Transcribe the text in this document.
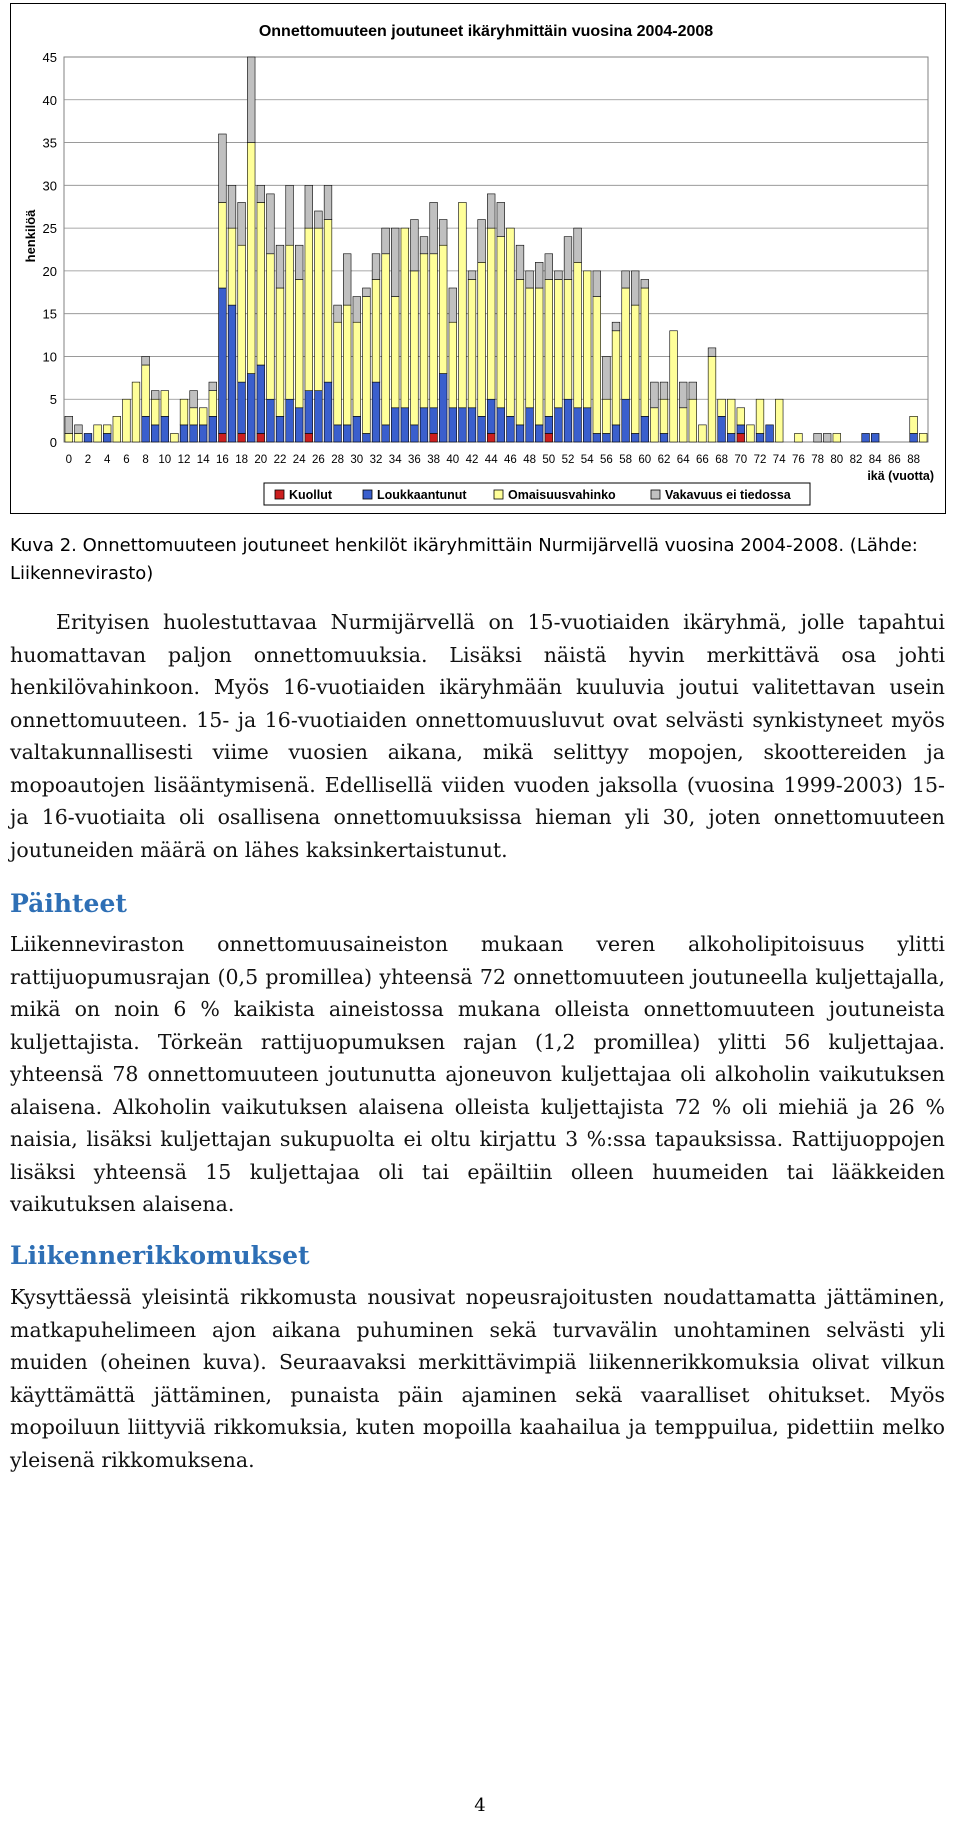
0
5
10
15
20
25
30
35
40
45
0 2 4 6 8 10 12 14 16 18 20 22 24 26 28 30 32 34 36 38 40 42 44 46 48 50 52 54 56 58 60 62 64 66 68 70 72 74 76 78 80 82 84 86 88
ikä (vuotta)
henkilöä
Onnettomuuteen joutuneet ikäryhmittäin vuosina 2004-2008
Kuollut	Loukkaantunut	Omaisuusvahinko	Vakavuus ei tiedossa
Kuva 2. Onnettomuuteen joutuneet henkilöt ikäryhmittäin Nurmijärvellä vuosina 2004-2008. (Lähde: Liikennevirasto)

Erityisen huolestuttavaa Nurmijärvellä on 15-vuotiaiden ikäryhmä, jolle tapahtui huomattavan paljon onnettomuuksia. Lisäksi näistä hyvin merkittävä osa johti henkilövahinkoon. Myös 16-vuotiaiden ikäryhmään kuuluvia joutui valitettavan usein onnettomuuteen. 15- ja 16-vuotiaiden onnettomuusluvut ovat selvästi synkistyneet myös valtakunnallisesti viime vuosien aikana, mikä selittyy mopojen, skoottereiden ja mopoautojen lisääntymisenä. Edellisellä viiden vuoden jaksolla (vuosina 1999-2003) 15- ja 16-vuotiaita oli osallisena onnettomuuksissa hieman yli 30, joten onnettomuuteen joutuneiden määrä on lähes kaksinkertaistunut.

Päihteet

Liikenneviraston onnettomuusaineiston mukaan veren alkoholipitoisuus ylitti rattijuopumusrajan (0,5 promillea) yhteensä 72 onnettomuuteen joutuneella kuljettajalla, mikä on noin 6 % kaikista aineistossa mukana olleista onnettomuuteen joutuneista kuljettajista. Törkeän rattijuopumuksen rajan (1,2 promillea) ylitti 56 kuljettajaa. yhteensä 78 onnettomuuteen joutunutta ajoneuvon kuljettajaa oli alkoholin vaikutuksen alaisena. Alkoholin vaikutuksen alaisena olleista kuljettajista 72 % oli miehiä ja 26 % naisia, lisäksi kuljettajan sukupuolta ei oltu kirjattu 3 %:ssa tapauksissa. Rattijuoppojen lisäksi yhteensä 15 kuljettajaa oli tai epäiltiin olleen huumeiden tai lääkkeiden vaikutuksen alaisena.

Liikennerikkomukset

Kysyttäessä yleisintä rikkomusta nousivat nopeusrajoitusten noudattamatta jättäminen, matkapuhelimeen ajon aikana puhuminen sekä turvavälin unohtaminen selvästi yli muiden (oheinen kuva). Seuraavaksi merkittävimpiä liikennerikkomuksia olivat vilkun käyttämättä jättäminen, punaista päin ajaminen sekä vaaralliset ohitukset. Myös mopoiluun liittyviä rikkomuksia, kuten mopoilla kaahailua ja temppuilua, pidettiin melko yleisenä rikkomuksena.

4
